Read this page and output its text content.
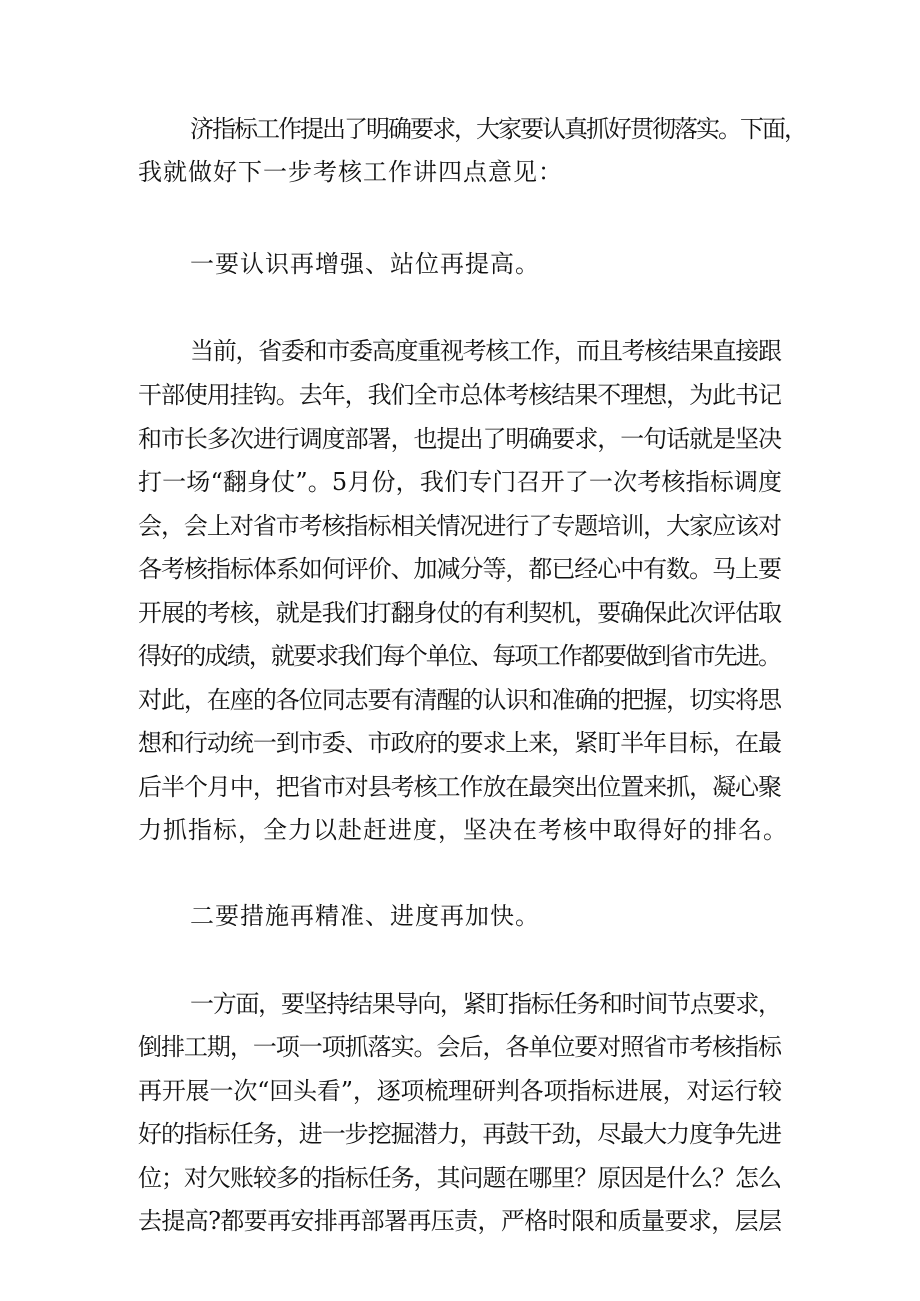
济指标工作提出了明确要求，大家要认真抓好贯彻落实。下面，
我就做好下一步考核工作讲四点意见：
一要认识再增强、站位再提高。
当前，省委和市委高度重视考核工作，而且考核结果直接跟
干部使用挂钩。去年，我们全市总体考核结果不理想，为此书记
和市长多次进行调度部署，也提出了明确要求，一句话就是坚决
打一场“翻身仗”。5月份，我们专门召开了一次考核指标调度
会，会上对省市考核指标相关情况进行了专题培训，大家应该对
各考核指标体系如何评价、加减分等，都已经心中有数。马上要
开展的考核，就是我们打翻身仗的有利契机，要确保此次评估取
得好的成绩，就要求我们每个单位、每项工作都要做到省市先进。
对此，在座的各位同志要有清醒的认识和准确的把握，切实将思
想和行动统一到市委、市政府的要求上来，紧盯半年目标，在最
后半个月中，把省市对县考核工作放在最突出位置来抓，凝心聚
力抓指标，全力以赴赶进度，坚决在考核中取得好的排名。
二要措施再精准、进度再加快。
一方面，要坚持结果导向，紧盯指标任务和时间节点要求，
倒排工期，一项一项抓落实。会后，各单位要对照省市考核指标
再开展一次“回头看”，逐项梳理研判各项指标进展，对运行较
好的指标任务，进一步挖掘潜力，再鼓干劲，尽最大力度争先进
位；对欠账较多的指标任务，其问题在哪里？原因是什么？怎么
去提高?都要再安排再部署再压责，严格时限和质量要求，层层
